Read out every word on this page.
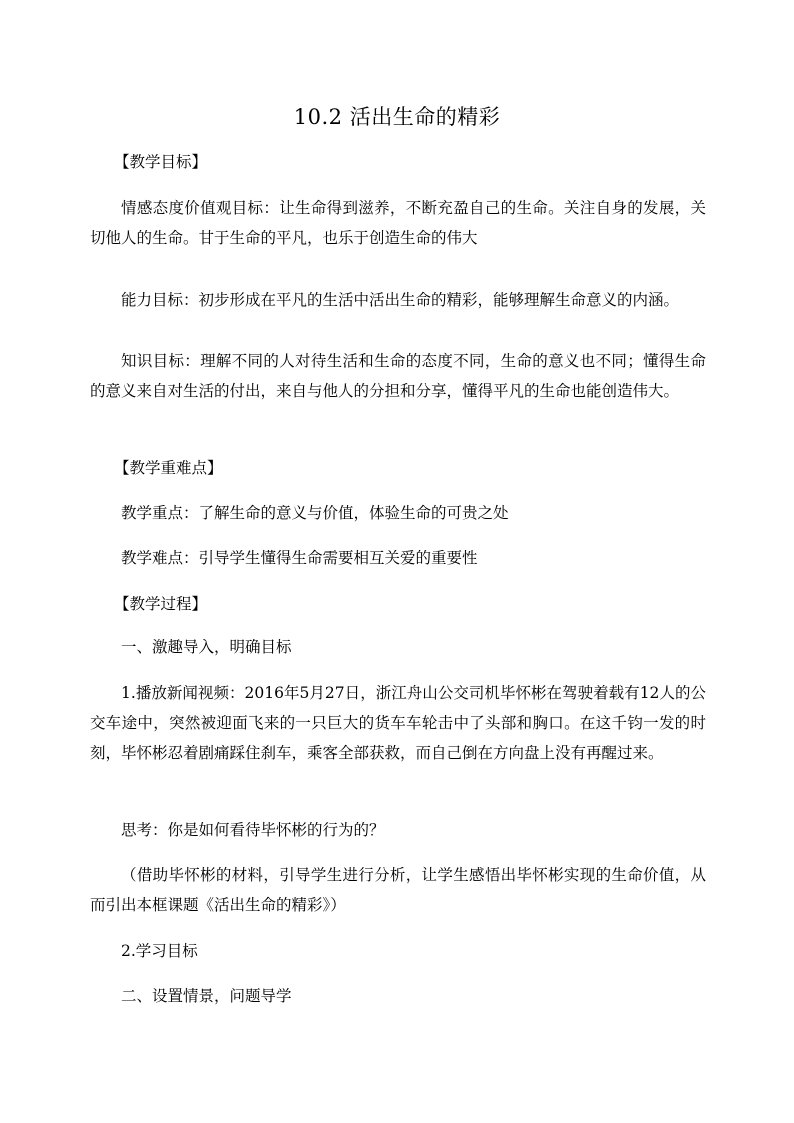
10.2 活出生命的精彩

【教学目标】

情感态度价值观目标：让生命得到滋养，不断充盈自己的生命。关注自身的发展，关切他人的生命。甘于生命的平凡，也乐于创造生命的伟大

能力目标：初步形成在平凡的生活中活出生命的精彩，能够理解生命意义的内涵。

知识目标：理解不同的人对待生活和生命的态度不同，生命的意义也不同；懂得生命的意义来自对生活的付出，来自与他人的分担和分享，懂得平凡的生命也能创造伟大。

【教学重难点】

教学重点：了解生命的意义与价值，体验生命的可贵之处

教学难点：引导学生懂得生命需要相互关爱的重要性

【教学过程】

一、激趣导入，明确目标

1.播放新闻视频：2016年5月27日，浙江舟山公交司机毕怀彬在驾驶着载有12人的公交车途中，突然被迎面飞来的一只巨大的货车车轮击中了头部和胸口。在这千钧一发的时刻，毕怀彬忍着剧痛踩住刹车，乘客全部获救，而自己倒在方向盘上没有再醒过来。

思考：你是如何看待毕怀彬的行为的？

（借助毕怀彬的材料，引导学生进行分析，让学生感悟出毕怀彬实现的生命价值，从而引出本框课题《活出生命的精彩》）

2.学习目标

二、设置情景，问题导学
